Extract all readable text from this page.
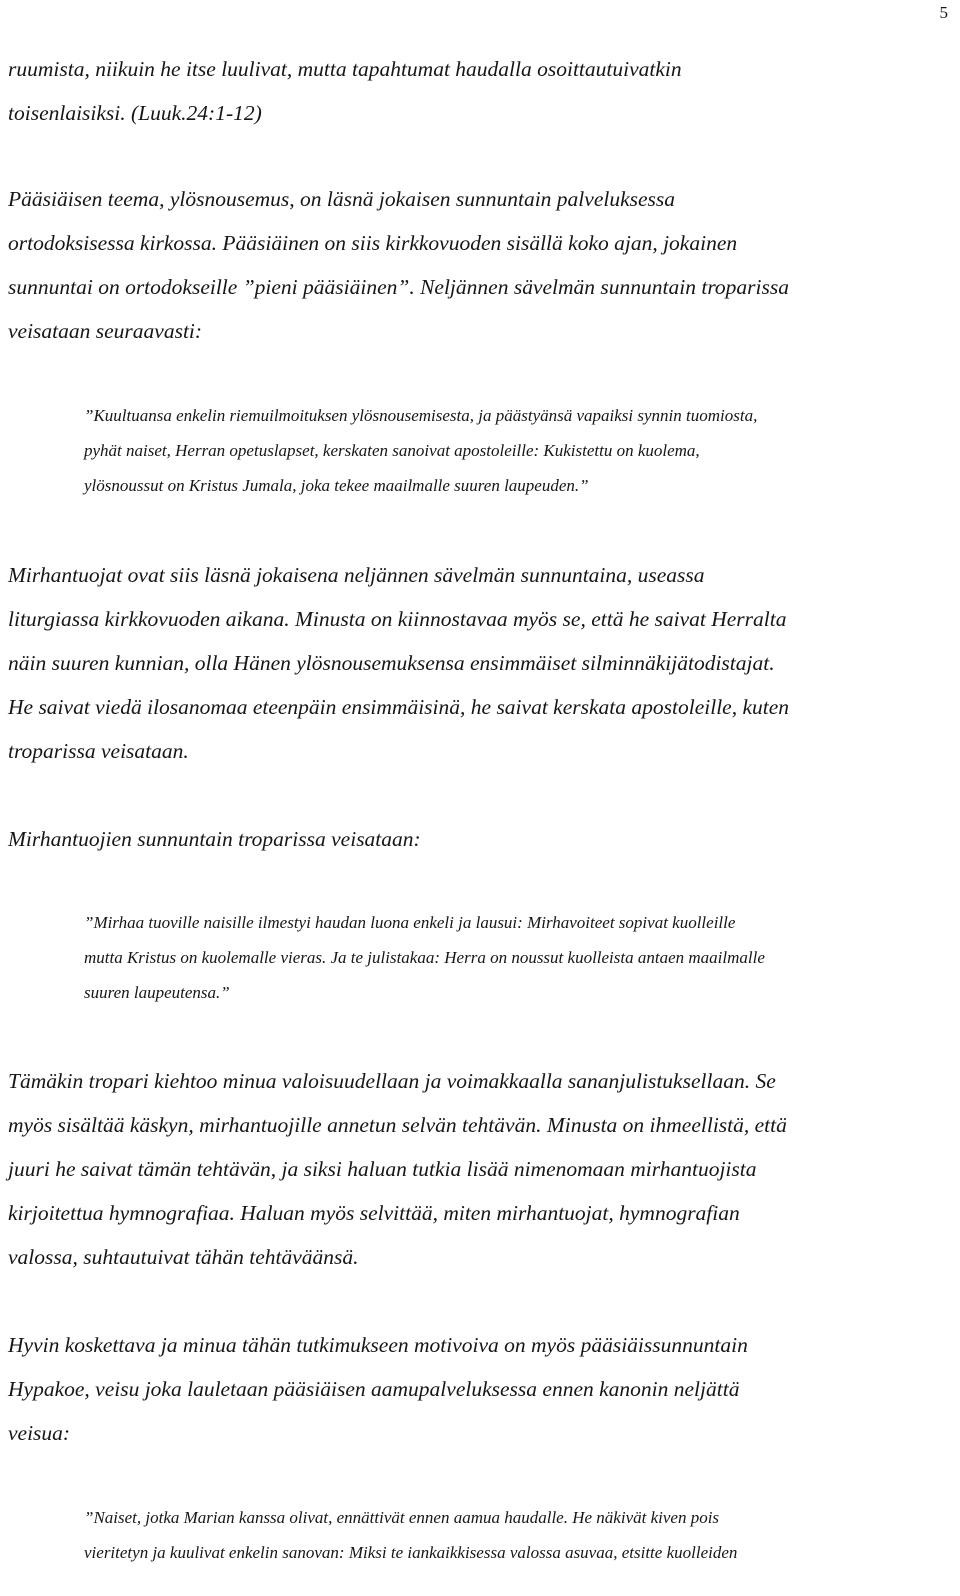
5

ruumista, niikuin he itse luulivat, mutta tapahtumat haudalla osoittautuivatkin
toisenlaisiksi. (Luuk.24:1-12)

Pääsiäisen teema, ylösnousemus, on läsnä jokaisen sunnuntain palveluksessa
ortodoksisessa kirkossa. Pääsiäinen on siis kirkkovuoden sisällä koko ajan, jokainen
sunnuntai on ortodokseille ”pieni pääsiäinen”. Neljännen sävelmän sunnuntain troparissa
veisataan seuraavasti:

”Kuultuansa enkelin riemuilmoituksen ylösnousemisesta, ja päästyänsä vapaiksi synnin tuomiosta,
pyhät naiset, Herran opetuslapset, kerskaten sanoivat apostoleille: Kukistettu on kuolema,
ylösnoussut on Kristus Jumala, joka tekee maailmalle suuren laupeuden.”

Mirhantuojat ovat siis läsnä jokaisena neljännen sävelmän sunnuntaina, useassa
liturgiassa kirkkovuoden aikana. Minusta on kiinnostavaa myös se, että he saivat Herralta
näin suuren kunnian, olla Hänen ylösnousemuksensa ensimmäiset silminnäkijätodistajat.
He saivat viedä ilosanomaa eteenpäin ensimmäisinä, he saivat kerskata apostoleille, kuten
troparissa veisataan.

Mirhantuojien sunnuntain troparissa veisataan:

”Mirhaa tuoville naisille ilmestyi haudan luona enkeli ja lausui: Mirhavoiteet sopivat kuolleille
mutta Kristus on kuolemalle vieras. Ja te julistakaa: Herra on noussut kuolleista antaen maailmalle
suuren laupeutensa.”

Tämäkin tropari kiehtoo minua valoisuudellaan ja voimakkaalla sananjulistuksellaan. Se
myös sisältää käskyn, mirhantuojille annetun selvän tehtävän. Minusta on ihmeellistä, että
juuri he saivat tämän tehtävän, ja siksi haluan tutkia lisää nimenomaan mirhantuojista
kirjoitettua hymnografiaa. Haluan myös selvittää, miten mirhantuojat, hymnografian
valossa, suhtautuivat tähän tehtäväänsä.

Hyvin koskettava ja minua tähän tutkimukseen motivoiva on myös pääsiäissunnuntain
Hypakoe, veisu joka lauletaan pääsiäisen aamupalveluksessa ennen kanonin neljättä
veisua:

”Naiset, jotka Marian kanssa olivat, ennättivät ennen aamua haudalle. He näkivät kiven pois
vieritetyn ja kuulivat enkelin sanovan: Miksi te iankaikkisessa valossa asuvaa, etsitte kuolleiden
